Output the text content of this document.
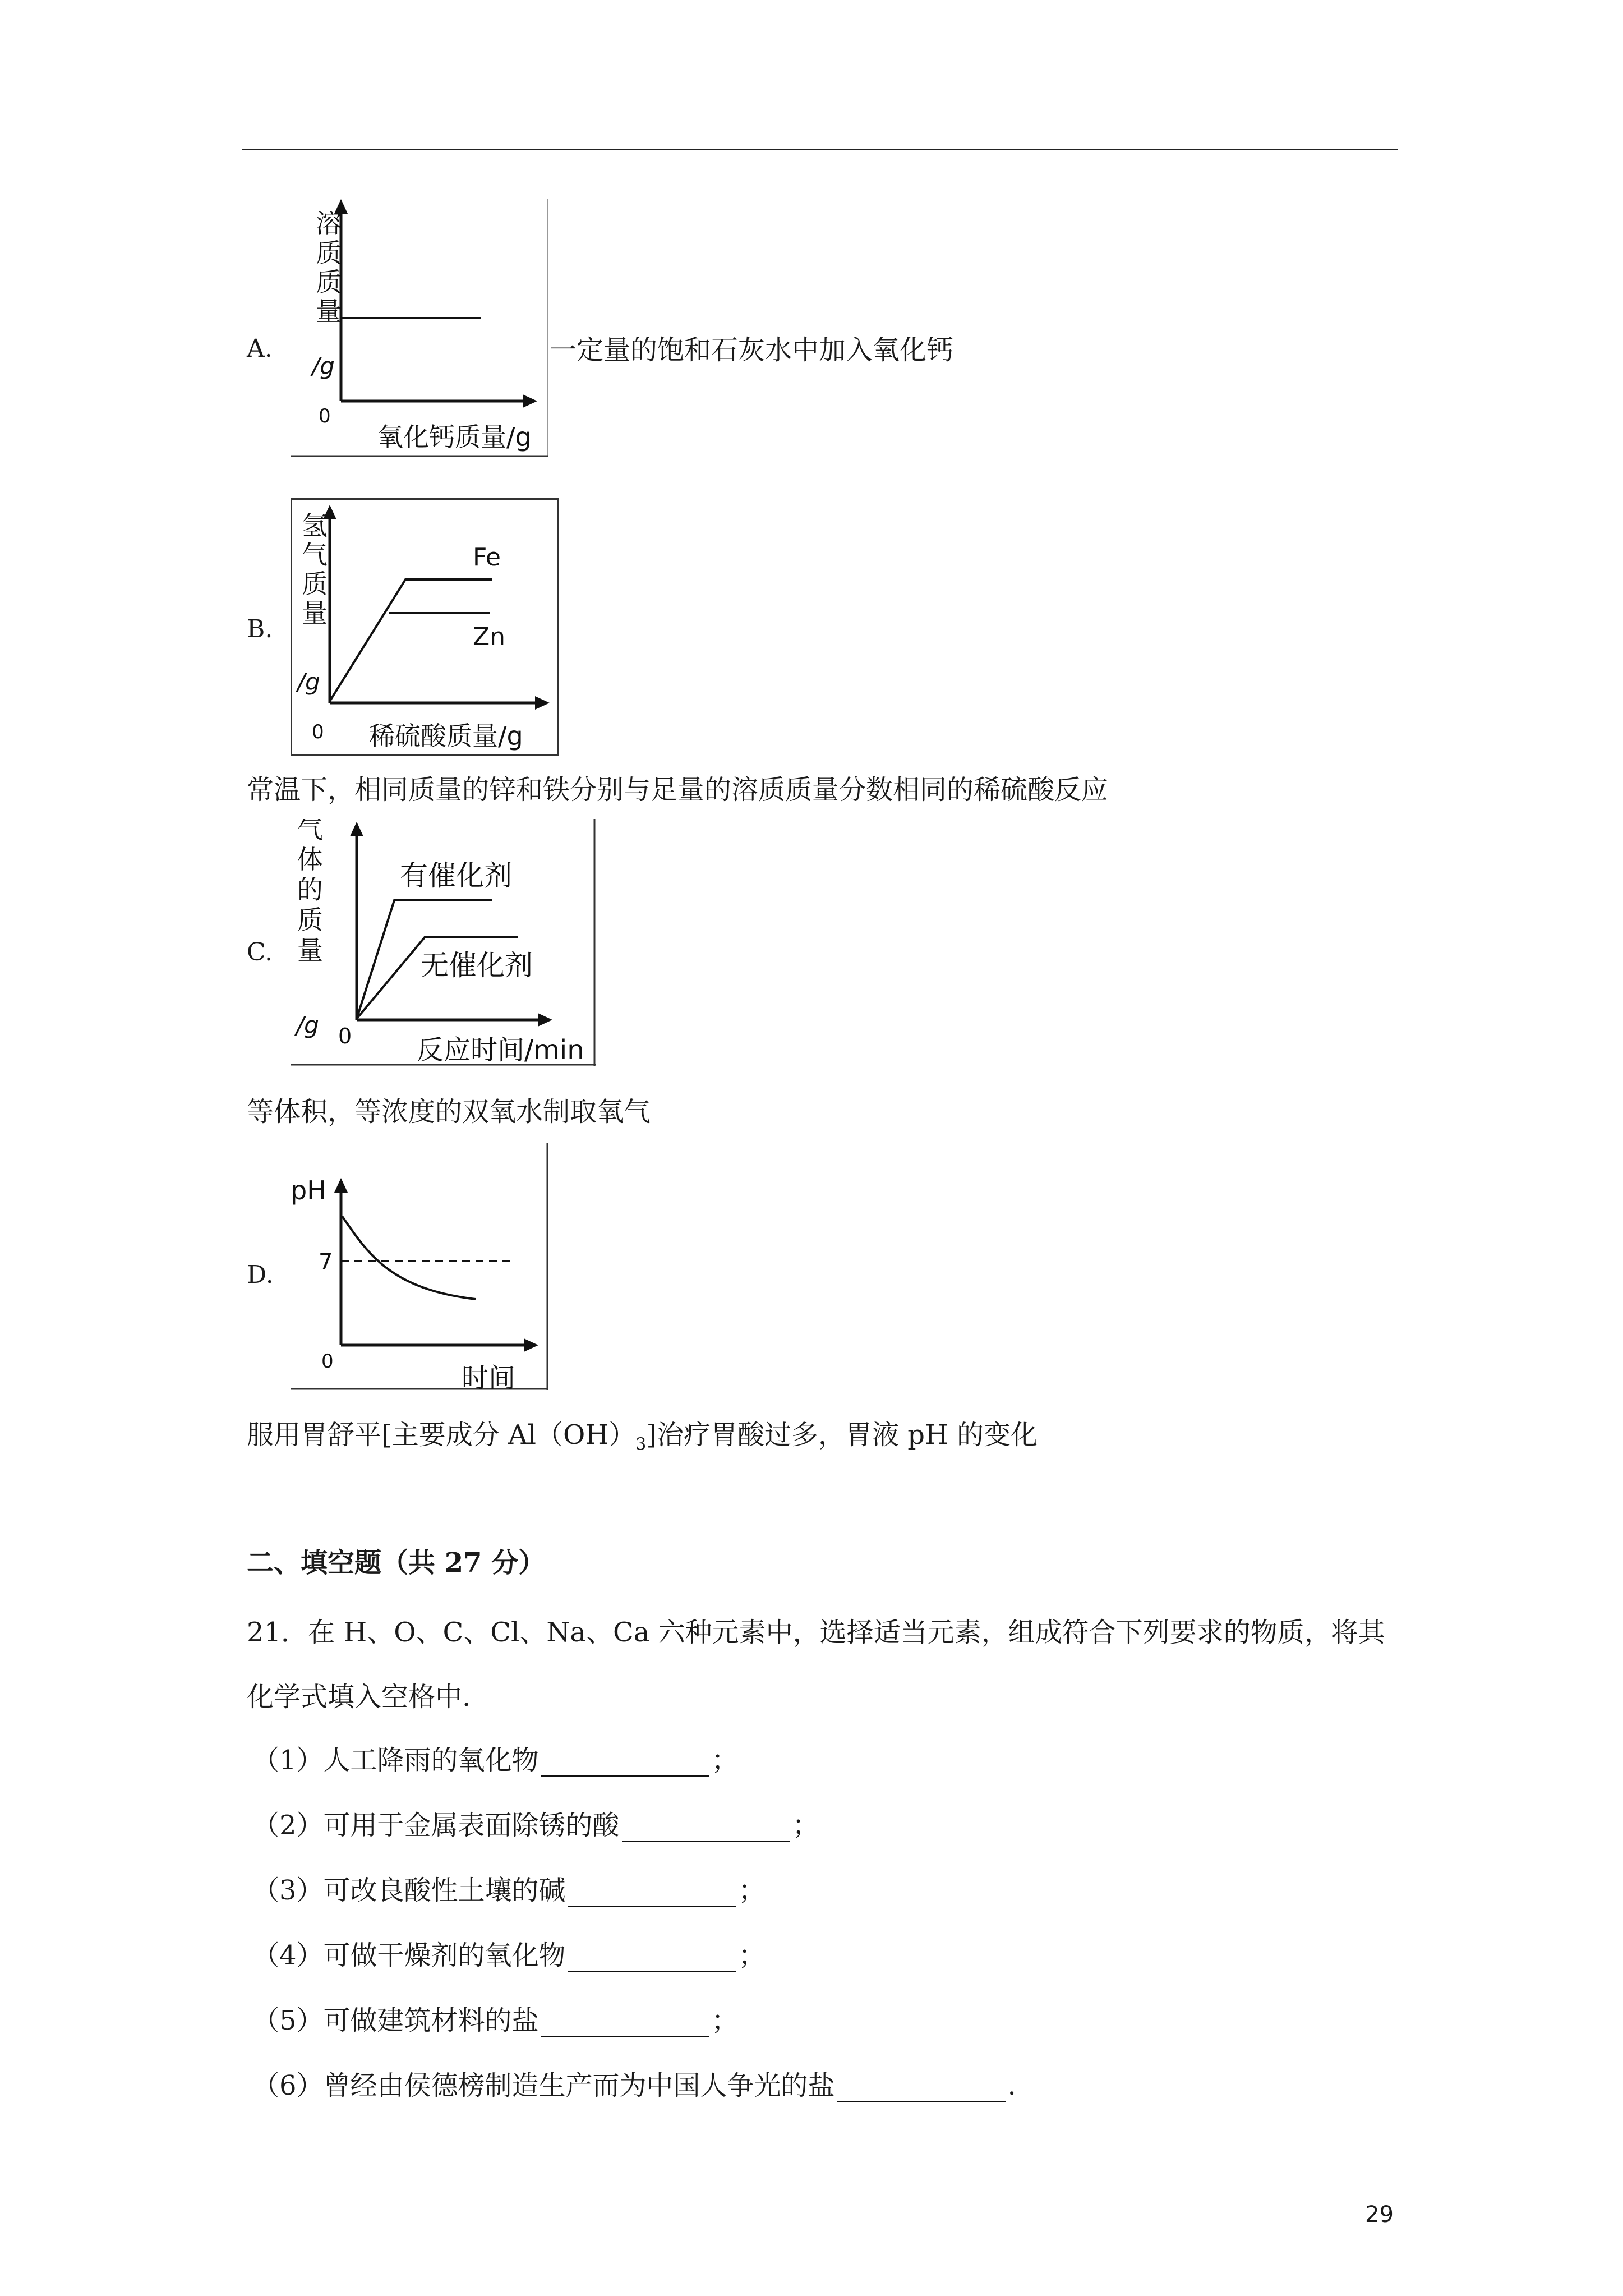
A.
溶
质
质
量
/g
0
氧化钙质量/g
一定量的饱和石灰水中加入氧化钙
B.
Fe
Zn
氢
气
质
量
/g
0 稀硫酸质量/g
常温下，相同质量的锌和铁分别与足量的溶质质量分数相同的稀硫酸反应
C.
有催化剂
无催化剂
气
体
的
质
量
/g 0 反应时间/min
等体积，等浓度的双氧水制取氧气
D.
pH
7
0
时间
服用胃舒平[主要成分 $Al(OH)_3$]治疗胃酸过多，胃液 pH 的变化
二、填空题（共 27 分）
21．在 H、O、C、Cl、Na、Ca 六种元素中，选择适当元素，组成符合下列要求的物质，将其
化学式填入空格中.
（1）人工降雨的氧化物	；
（2）可用于金属表面除锈的酸	；
（3）可改良酸性土壤的碱	；
（4）可做干燥剂的氧化物	；
（5）可做建筑材料的盐	；
（6）曾经由侯德榜制造生产而为中国人争光的盐	.
29
